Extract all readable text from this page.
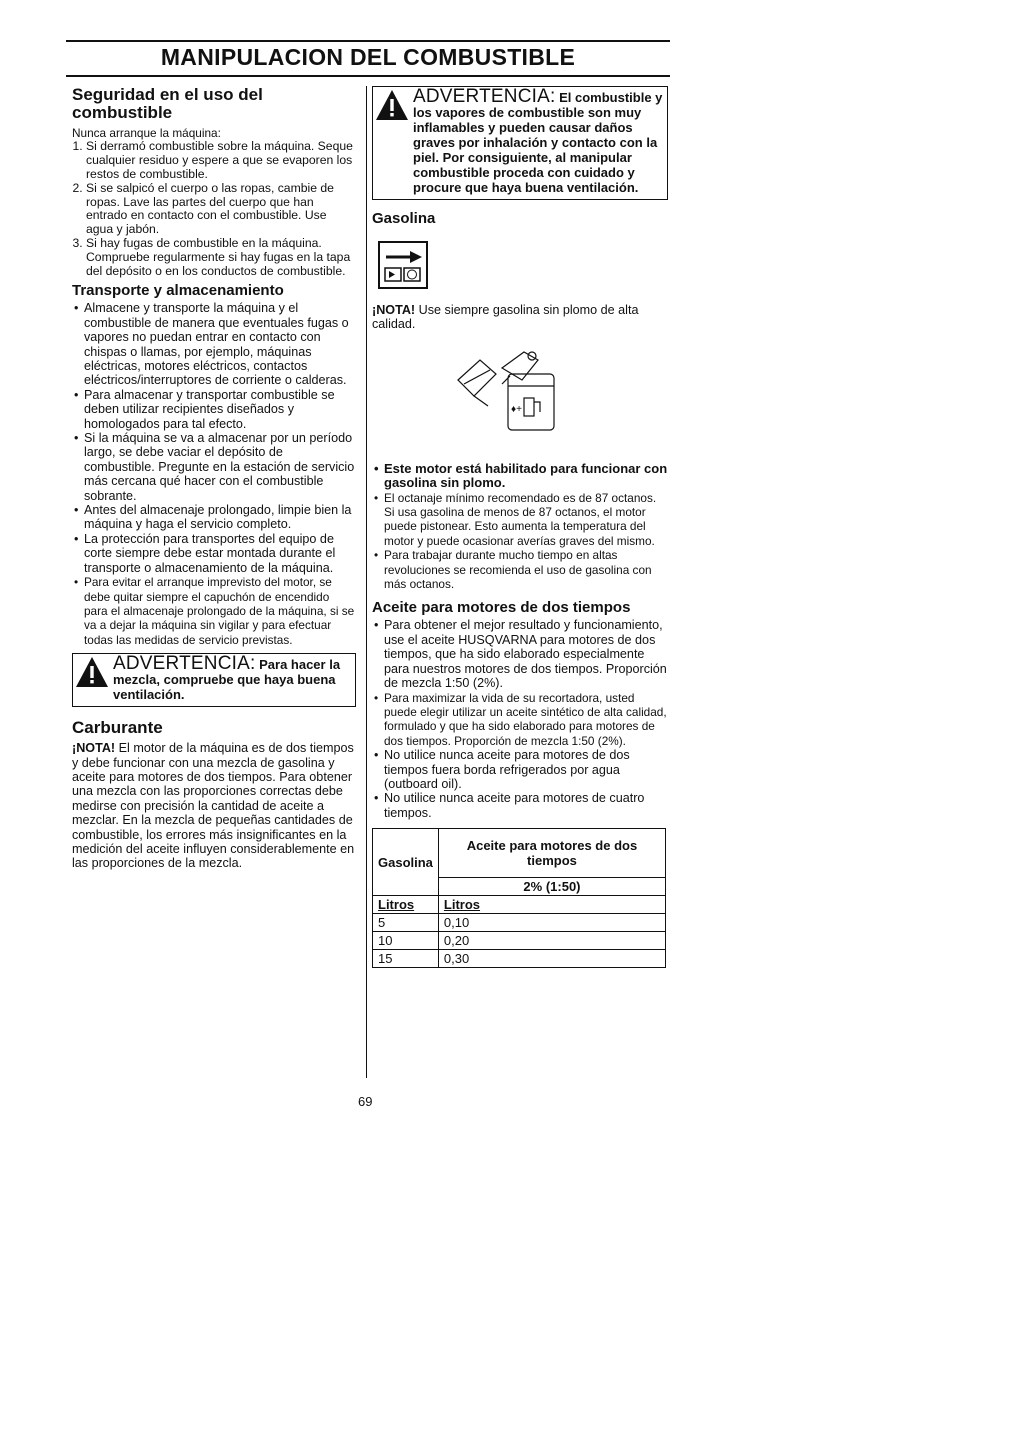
MANIPULACION DEL COMBUSTIBLE
Seguridad en el uso del combustible

Nunca arranque la máquina:

1. Si derramó combustible sobre la máquina. Seque cualquier residuo y espere a que se evaporen los restos de combustible.
2. Si se salpicó el cuerpo o las ropas, cambie de ropas. Lave las partes del cuerpo que han entrado en contacto con el combustible. Use agua y jabón.
3. Si hay fugas de combustible en la máquina. Compruebe regularmente si hay fugas en la tapa del depósito o en los conductos de combustible.
Transporte y almacenamiento
• Almacene y transporte la máquina y el combustible de manera que eventuales fugas o vapores no puedan entrar en contacto con chispas o llamas, por ejemplo, máquinas eléctricas, motores eléctricos, contactos eléctricos/interruptores de corriente o calderas.
• Para almacenar y transportar combustible se deben utilizar recipientes diseñados y homologados para tal efecto.
• Si la máquina se va a almacenar por un período largo, se debe vaciar el depósito de combustible. Pregunte en la estación de servicio más cercana qué hacer con el combustible sobrante.
• Antes del almacenaje prolongado, limpie bien la máquina y haga el servicio completo.
• La protección para transportes del equipo de corte siempre debe estar montada durante el transporte o almacenamiento de la máquina.
• Para evitar el arranque imprevisto del motor, se debe quitar siempre el capuchón de encendido para el almacenaje prolongado de la máquina, si se va a dejar la máquina sin vigilar y para efectuar todas las medidas de servicio previstas.
ADVERTENCIA: Para hacer la mezcla, compruebe que haya buena ventilación.
Carburante

¡NOTA! El motor de la máquina es de dos tiempos y debe funcionar con una mezcla de gasolina y aceite para motores de dos tiempos. Para obtener una mezcla con las proporciones correctas debe medirse con precisión la cantidad de aceite a mezclar. En la mezcla de pequeñas cantidades de combustible, los errores más insignificantes en la medición del aceite influyen considerablemente en las proporciones de la mezcla.

ADVERTENCIA: El combustible y los vapores de combustible son muy inflamables y pueden causar daños graves por inhalación y contacto con la piel. Por consiguiente, al manipular combustible proceda con cuidado y procure que haya buena ventilación.
Gasolina

¡NOTA! Use siempre gasolina sin plomo de alta calidad.

♦+
• Este motor está habilitado para funcionar con gasolina sin plomo.
• El octanaje mínimo recomendado es de 87 octanos. Si usa gasolina de menos de 87 octanos, el motor puede pistonear. Esto aumenta la temperatura del motor y puede ocasionar averías graves del mismo.
• Para trabajar durante mucho tiempo en altas revoluciones se recomienda el uso de gasolina con más octanos.
Aceite para motores de dos tiempos
• Para obtener el mejor resultado y funcionamiento, use el aceite HUSQVARNA para motores de dos tiempos, que ha sido elaborado especialmente para nuestros motores de dos tiempos. Proporción de mezcla 1:50 (2%).
• Para maximizar la vida de su recortadora, usted puede elegir utilizar un aceite sintético de alta calidad, formulado y que ha sido elaborado para motores de dos tiempos. Proporción de mezcla 1:50 (2%).
• No utilice nunca aceite para motores de dos tiempos fuera borda refrigerados por agua (outboard oil).
• No utilice nunca aceite para motores de cuatro tiempos.
Gasolina	Aceite para motores de dos tiempos
	2% (1:50)
Litros	Litros
5	0,10
10	0,20
15	0,30
69
